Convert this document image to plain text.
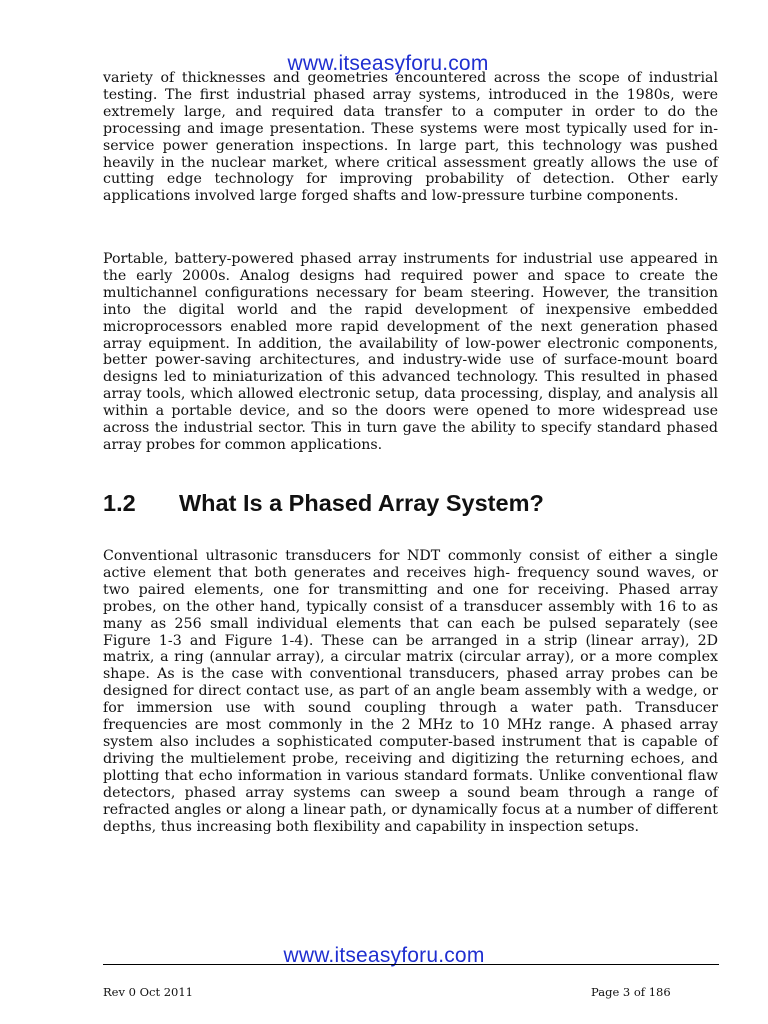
www.itseasyforu.com

variety of thicknesses and geometries encountered across the scope of industrial testing. The first industrial phased array systems, introduced in the 1980s, were extremely large, and required data transfer to a computer in order to do the processing and image presentation. These systems were most typically used for in-service power generation inspections. In large part, this technology was pushed heavily in the nuclear market, where critical assessment greatly allows the use of cutting edge technology for improving probability of detection. Other early applications involved large forged shafts and low-pressure turbine components.

Portable, battery-powered phased array instruments for industrial use appeared in the early 2000s. Analog designs had required power and space to create the multichannel configurations necessary for beam steering. However, the transition into the digital world and the rapid development of inexpensive embedded microprocessors enabled more rapid development of the next generation phased array equipment. In addition, the availability of low-power electronic components, better power-saving architectures, and industry-wide use of surface-mount board designs led to miniaturization of this advanced technology. This resulted in phased array tools, which allowed electronic setup, data processing, display, and analysis all within a portable device, and so the doors were opened to more widespread use across the industrial sector. This in turn gave the ability to specify standard phased array probes for common applications.

1.2 What Is a Phased Array System?

Conventional ultrasonic transducers for NDT commonly consist of either a single active element that both generates and receives high- frequency sound waves, or two paired elements, one for transmitting and one for receiving. Phased array probes, on the other hand, typically consist of a transducer assembly with 16 to as many as 256 small individual elements that can each be pulsed separately (see Figure 1-3 and Figure 1-4). These can be arranged in a strip (linear array), 2D matrix, a ring (annular array), a circular matrix (circular array), or a more complex shape. As is the case with conventional transducers, phased array probes can be designed for direct contact use, as part of an angle beam assembly with a wedge, or for immersion use with sound coupling through a water path. Transducer frequencies are most commonly in the 2 MHz to 10 MHz range. A phased array system also includes a sophisticated computer-based instrument that is capable of driving the multielement probe, receiving and digitizing the returning echoes, and plotting that echo information in various standard formats. Unlike conventional flaw detectors, phased array systems can sweep a sound beam through a range of refracted angles or along a linear path, or dynamically focus at a number of different depths, thus increasing both flexibility and capability in inspection setups.

www.itseasyforu.com
Rev 0 Oct 2011	Page 3 of 186
